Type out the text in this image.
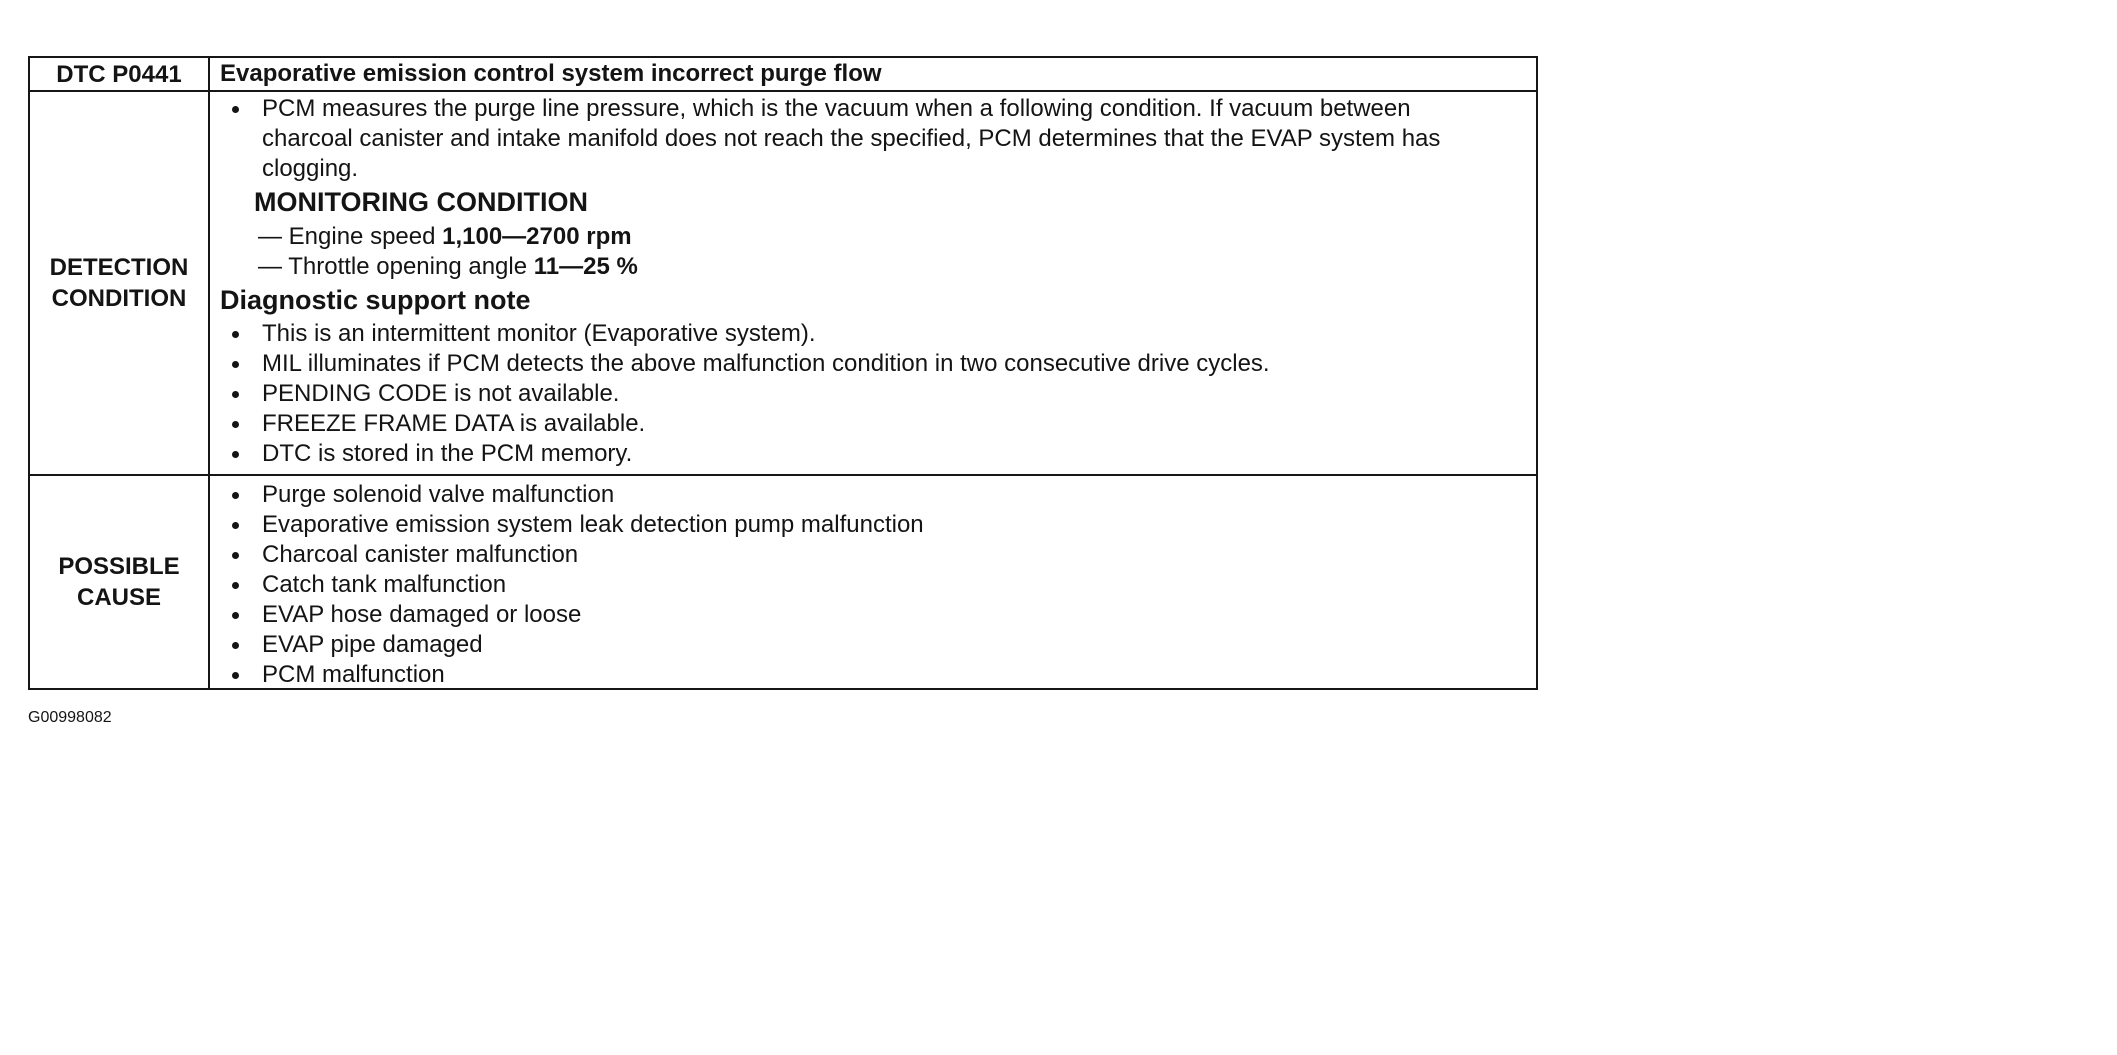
DTC P0441 Evaporative emission control system incorrect purge flow
DETECTION
CONDITION
PCM measures the purge line pressure, which is the vacuum when a following condition. If vacuum between charcoal canister and intake manifold does not reach the specified, PCM determines that the EVAP system has clogging.
MONITORING CONDITION
— Engine speed 1,100—2700 rpm
— Throttle opening angle 11—25 %
Diagnostic support note
This is an intermittent monitor (Evaporative system).
MIL illuminates if PCM detects the above malfunction condition in two consecutive drive cycles.
PENDING CODE is not available.
FREEZE FRAME DATA is available.
DTC is stored in the PCM memory.
POSSIBLE
CAUSE
Purge solenoid valve malfunction
Evaporative emission system leak detection pump malfunction
Charcoal canister malfunction
Catch tank malfunction
EVAP hose damaged or loose
EVAP pipe damaged
PCM malfunction
G00998082
